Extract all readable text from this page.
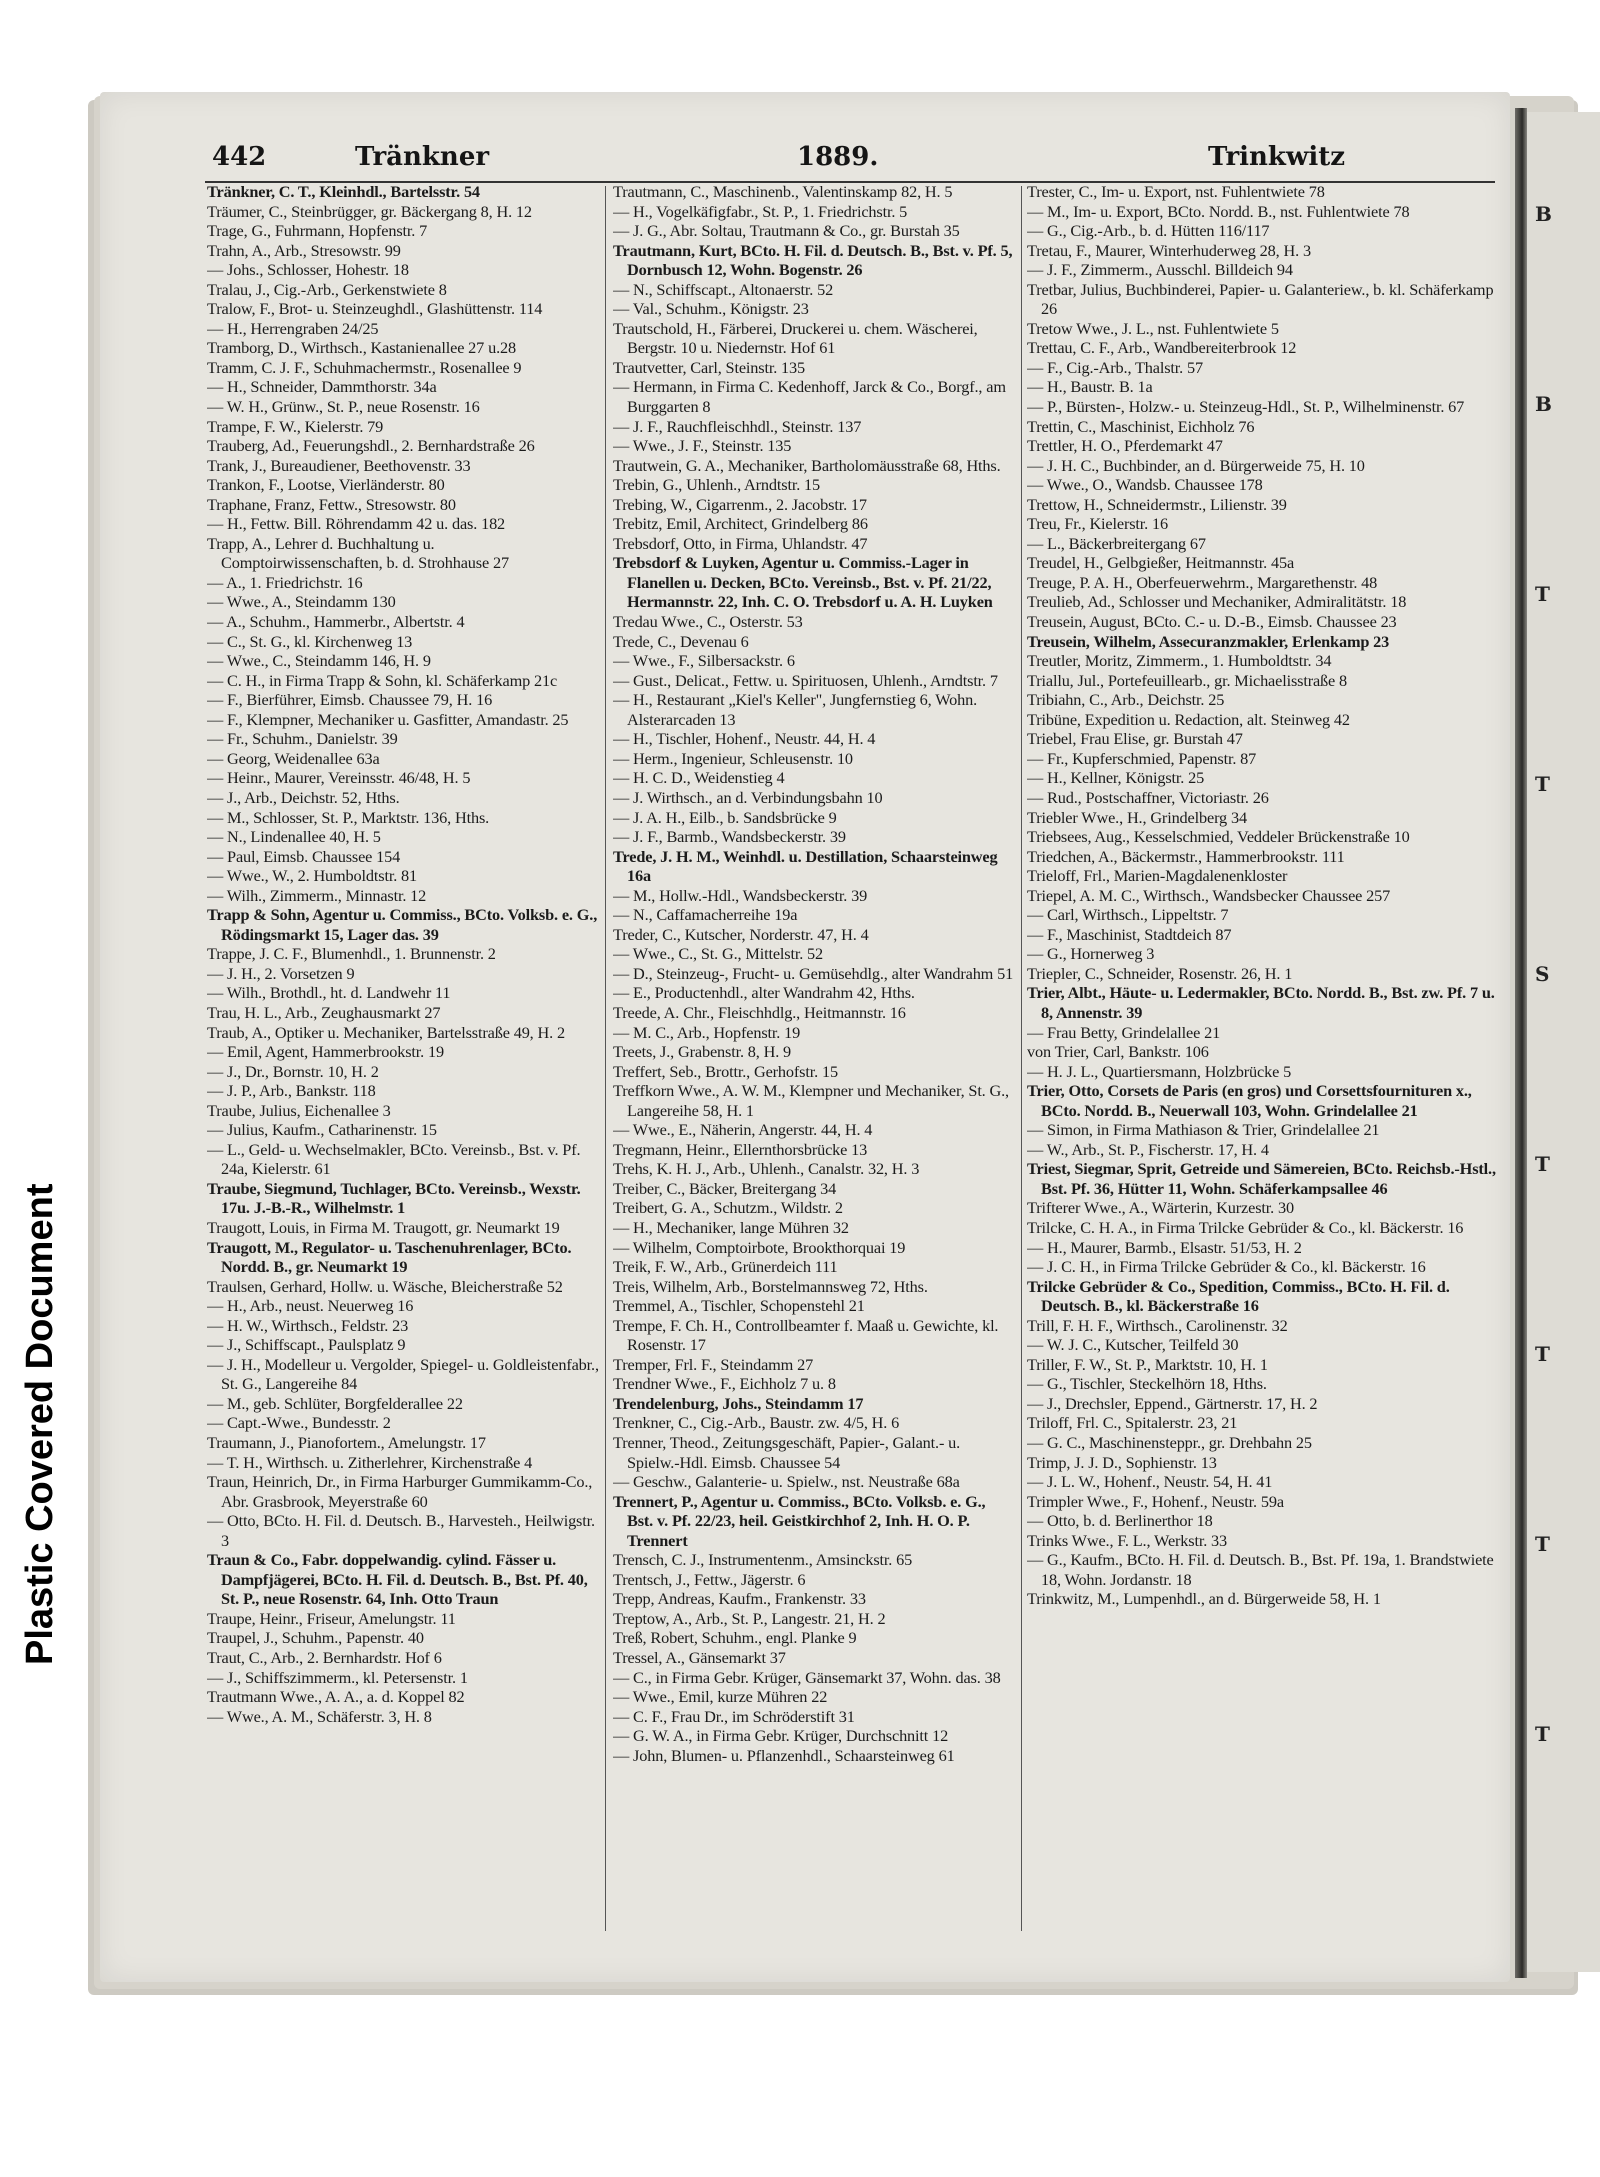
B
B
T
T
S
T
T
T
T
442	Tränkner	1889.	Trinkwitz

Tränkner, C. T., Kleinhdl., Bartelsstr. 54

Träumer, C., Steinbrügger, gr. Bäckergang 8, H. 12

Trage, G., Fuhrmann, Hopfenstr. 7

Trahn, A., Arb., Stresowstr. 99

— Johs., Schlosser, Hohestr. 18

Tralau, J., Cig.-Arb., Gerkenstwiete 8

Tralow, F., Brot- u. Steinzeughdl., Glashüttenstr. 114

— H., Herrengraben 24/25

Tramborg, D., Wirthsch., Kastanienallee 27 u.28

Tramm, C. J. F., Schuhmachermstr., Rosenallee 9

— H., Schneider, Dammthorstr. 34a

— W. H., Grünw., St. P., neue Rosenstr. 16

Trampe, F. W., Kielerstr. 79

Trauberg, Ad., Feuerungshdl., 2. Bernhardstraße 26

Trank, J., Bureaudiener, Beethovenstr. 33

Trankon, F., Lootse, Vierländerstr. 80

Traphane, Franz, Fettw., Stresowstr. 80

— H., Fettw. Bill. Röhrendamm 42 u. das. 182

Trapp, A., Lehrer d. Buchhaltung u. Comptoirwissenschaften, b. d. Strohhause 27

— A., 1. Friedrichstr. 16

— Wwe., A., Steindamm 130

— A., Schuhm., Hammerbr., Albertstr. 4

— C., St. G., kl. Kirchenweg 13

— Wwe., C., Steindamm 146, H. 9

— C. H., in Firma Trapp & Sohn, kl. Schäferkamp 21c

— F., Bierführer, Eimsb. Chaussee 79, H. 16

— F., Klempner, Mechaniker u. Gasfitter, Amandastr. 25

— Fr., Schuhm., Danielstr. 39

— Georg, Weidenallee 63a

— Heinr., Maurer, Vereinsstr. 46/48, H. 5

— J., Arb., Deichstr. 52, Hths.

— M., Schlosser, St. P., Marktstr. 136, Hths.

— N., Lindenallee 40, H. 5

— Paul, Eimsb. Chaussee 154

— Wwe., W., 2. Humboldtstr. 81

— Wilh., Zimmerm., Minnastr. 12

Trapp & Sohn, Agentur u. Commiss., BCto. Volksb. e. G., Rödingsmarkt 15, Lager das. 39

Trappe, J. C. F., Blumenhdl., 1. Brunnenstr. 2

— J. H., 2. Vorsetzen 9

— Wilh., Brothdl., ht. d. Landwehr 11

Trau, H. L., Arb., Zeughausmarkt 27

Traub, A., Optiker u. Mechaniker, Bartelsstraße 49, H. 2

— Emil, Agent, Hammerbrookstr. 19

— J., Dr., Bornstr. 10, H. 2

— J. P., Arb., Bankstr. 118

Traube, Julius, Eichenallee 3

— Julius, Kaufm., Catharinenstr. 15

— L., Geld- u. Wechselmakler, BCto. Vereinsb., Bst. v. Pf. 24a, Kielerstr. 61

Traube, Siegmund, Tuchlager, BCto. Vereinsb., Wexstr. 17u. J.-B.-R., Wilhelmstr. 1

Traugott, Louis, in Firma M. Traugott, gr. Neumarkt 19

Traugott, M., Regulator- u. Taschenuhrenlager, BCto. Nordd. B., gr. Neumarkt 19

Traulsen, Gerhard, Hollw. u. Wäsche, Bleicherstraße 52

— H., Arb., neust. Neuerweg 16

— H. W., Wirthsch., Feldstr. 23

— J., Schiffscapt., Paulsplatz 9

— J. H., Modelleur u. Vergolder, Spiegel- u. Goldleistenfabr., St. G., Langereihe 84

— M., geb. Schlüter, Borgfelderallee 22

— Capt.-Wwe., Bundesstr. 2

Traumann, J., Pianofortem., Amelungstr. 17

— T. H., Wirthsch. u. Zitherlehrer, Kirchenstraße 4

Traun, Heinrich, Dr., in Firma Harburger Gummikamm-Co., Abr. Grasbrook, Meyerstraße 60

— Otto, BCto. H. Fil. d. Deutsch. B., Harvesteh., Heilwigstr. 3

Traun & Co., Fabr. doppelwandig. cylind. Fässer u. Dampfjägerei, BCto. H. Fil. d. Deutsch. B., Bst. Pf. 40, St. P., neue Rosenstr. 64, Inh. Otto Traun

Traupe, Heinr., Friseur, Amelungstr. 11

Traupel, J., Schuhm., Papenstr. 40

Traut, C., Arb., 2. Bernhardstr. Hof 6

— J., Schiffszimmerm., kl. Petersenstr. 1

Trautmann Wwe., A. A., a. d. Koppel 82

— Wwe., A. M., Schäferstr. 3, H. 8

Trautmann, C., Maschinenb., Valentinskamp 82, H. 5

— H., Vogelkäfigfabr., St. P., 1. Friedrichstr. 5

— J. G., Abr. Soltau, Trautmann & Co., gr. Burstah 35

Trautmann, Kurt, BCto. H. Fil. d. Deutsch. B., Bst. v. Pf. 5, Dornbusch 12, Wohn. Bogenstr. 26

— N., Schiffscapt., Altonaerstr. 52

— Val., Schuhm., Königstr. 23

Trautschold, H., Färberei, Druckerei u. chem. Wäscherei, Bergstr. 10 u. Niedernstr. Hof 61

Trautvetter, Carl, Steinstr. 135

— Hermann, in Firma C. Kedenhoff, Jarck & Co., Borgf., am Burggarten 8

— J. F., Rauchfleischhdl., Steinstr. 137

— Wwe., J. F., Steinstr. 135

Trautwein, G. A., Mechaniker, Bartholomäusstraße 68, Hths.

Trebin, G., Uhlenh., Arndtstr. 15

Trebing, W., Cigarrenm., 2. Jacobstr. 17

Trebitz, Emil, Architect, Grindelberg 86

Trebsdorf, Otto, in Firma, Uhlandstr. 47

Trebsdorf & Luyken, Agentur u. Commiss.-Lager in Flanellen u. Decken, BCto. Vereinsb., Bst. v. Pf. 21/22, Hermannstr. 22, Inh. C. O. Trebsdorf u. A. H. Luyken

Tredau Wwe., C., Osterstr. 53

Trede, C., Devenau 6

— Wwe., F., Silbersackstr. 6

— Gust., Delicat., Fettw. u. Spirituosen, Uhlenh., Arndtstr. 7

— H., Restaurant „Kiel's Keller", Jungfernstieg 6, Wohn. Alsterarcaden 13

— H., Tischler, Hohenf., Neustr. 44, H. 4

— Herm., Ingenieur, Schleusenstr. 10

— H. C. D., Weidenstieg 4

— J. Wirthsch., an d. Verbindungsbahn 10

— J. A. H., Eilb., b. Sandsbrücke 9

— J. F., Barmb., Wandsbeckerstr. 39

Trede, J. H. M., Weinhdl. u. Destillation, Schaarsteinweg 16a

— M., Hollw.-Hdl., Wandsbeckerstr. 39

— N., Caffamacherreihe 19a

Treder, C., Kutscher, Norderstr. 47, H. 4

— Wwe., C., St. G., Mittelstr. 52

— D., Steinzeug-, Frucht- u. Gemüsehdlg., alter Wandrahm 51

— E., Productenhdl., alter Wandrahm 42, Hths.

Treede, A. Chr., Fleischhdlg., Heitmannstr. 16

— M. C., Arb., Hopfenstr. 19

Treets, J., Grabenstr. 8, H. 9

Treffert, Seb., Brottr., Gerhofstr. 15

Treffkorn Wwe., A. W. M., Klempner und Mechaniker, St. G., Langereihe 58, H. 1

— Wwe., E., Näherin, Angerstr. 44, H. 4

Tregmann, Heinr., Ellernthorsbrücke 13

Trehs, K. H. J., Arb., Uhlenh., Canalstr. 32, H. 3

Treiber, C., Bäcker, Breitergang 34

Treibert, G. A., Schutzm., Wildstr. 2

— H., Mechaniker, lange Mühren 32

— Wilhelm, Comptoirbote, Brookthorquai 19

Treik, F. W., Arb., Grünerdeich 111

Treis, Wilhelm, Arb., Borstelmannsweg 72, Hths.

Tremmel, A., Tischler, Schopenstehl 21

Trempe, F. Ch. H., Controllbeamter f. Maaß u. Gewichte, kl. Rosenstr. 17

Tremper, Frl. F., Steindamm 27

Trendner Wwe., F., Eichholz 7 u. 8

Trendelenburg, Johs., Steindamm 17

Trenkner, C., Cig.-Arb., Baustr. zw. 4/5, H. 6

Trenner, Theod., Zeitungsgeschäft, Papier-, Galant.- u. Spielw.-Hdl. Eimsb. Chaussee 54

— Geschw., Galanterie- u. Spielw., nst. Neustraße 68a

Trennert, P., Agentur u. Commiss., BCto. Volksb. e. G., Bst. v. Pf. 22/23, heil. Geistkirchhof 2, Inh. H. O. P. Trennert

Trensch, C. J., Instrumentenm., Amsinckstr. 65

Trentsch, J., Fettw., Jägerstr. 6

Trepp, Andreas, Kaufm., Frankenstr. 33

Treptow, A., Arb., St. P., Langestr. 21, H. 2

Treß, Robert, Schuhm., engl. Planke 9

Tressel, A., Gänsemarkt 37

— C., in Firma Gebr. Krüger, Gänsemarkt 37, Wohn. das. 38

— Wwe., Emil, kurze Mühren 22

— C. F., Frau Dr., im Schröderstift 31

— G. W. A., in Firma Gebr. Krüger, Durchschnitt 12

— John, Blumen- u. Pflanzenhdl., Schaarsteinweg 61

Trester, C., Im- u. Export, nst. Fuhlentwiete 78

— M., Im- u. Export, BCto. Nordd. B., nst. Fuhlentwiete 78

— G., Cig.-Arb., b. d. Hütten 116/117

Tretau, F., Maurer, Winterhuderweg 28, H. 3

— J. F., Zimmerm., Ausschl. Billdeich 94

Tretbar, Julius, Buchbinderei, Papier- u. Galanteriew., b. kl. Schäferkamp 26

Tretow Wwe., J. L., nst. Fuhlentwiete 5

Trettau, C. F., Arb., Wandbereiterbrook 12

— F., Cig.-Arb., Thalstr. 57

— H., Baustr. B. 1a

— P., Bürsten-, Holzw.- u. Steinzeug-Hdl., St. P., Wilhelminenstr. 67

Trettin, C., Maschinist, Eichholz 76

Trettler, H. O., Pferdemarkt 47

— J. H. C., Buchbinder, an d. Bürgerweide 75, H. 10

— Wwe., O., Wandsb. Chaussee 178

Trettow, H., Schneidermstr., Lilienstr. 39

Treu, Fr., Kielerstr. 16

— L., Bäckerbreitergang 67

Treudel, H., Gelbgießer, Heitmannstr. 45a

Treuge, P. A. H., Oberfeuerwehrm., Margarethenstr. 48

Treulieb, Ad., Schlosser und Mechaniker, Admiralitätstr. 18

Treusein, August, BCto. C.- u. D.-B., Eimsb. Chaussee 23

Treusein, Wilhelm, Assecuranzmakler, Erlenkamp 23

Treutler, Moritz, Zimmerm., 1. Humboldtstr. 34

Triallu, Jul., Portefeuillearb., gr. Michaelisstraße 8

Tribiahn, C., Arb., Deichstr. 25

Tribüne, Expedition u. Redaction, alt. Steinweg 42

Triebel, Frau Elise, gr. Burstah 47

— Fr., Kupferschmied, Papenstr. 87

— H., Kellner, Königstr. 25

— Rud., Postschaffner, Victoriastr. 26

Triebler Wwe., H., Grindelberg 34

Triebsees, Aug., Kesselschmied, Veddeler Brückenstraße 10

Triedchen, A., Bäckermstr., Hammerbrookstr. 111

Trieloff, Frl., Marien-Magdalenenkloster

Triepel, A. M. C., Wirthsch., Wandsbecker Chaussee 257

— Carl, Wirthsch., Lippeltstr. 7

— F., Maschinist, Stadtdeich 87

— G., Hornerweg 3

Triepler, C., Schneider, Rosenstr. 26, H. 1

Trier, Albt., Häute- u. Ledermakler, BCto. Nordd. B., Bst. zw. Pf. 7 u. 8, Annenstr. 39

— Frau Betty, Grindelallee 21

von Trier, Carl, Bankstr. 106

— H. J. L., Quartiersmann, Holzbrücke 5

Trier, Otto, Corsets de Paris (en gros) und Corsettsfournituren x., BCto. Nordd. B., Neuerwall 103, Wohn. Grindelallee 21

— Simon, in Firma Mathiason & Trier, Grindelallee 21

— W., Arb., St. P., Fischerstr. 17, H. 4

Triest, Siegmar, Sprit, Getreide und Sämereien, BCto. Reichsb.-Hstl., Bst. Pf. 36, Hütter 11, Wohn. Schäferkampsallee 46

Trifterer Wwe., A., Wärterin, Kurzestr. 30

Trilcke, C. H. A., in Firma Trilcke Gebrüder & Co., kl. Bäckerstr. 16

— H., Maurer, Barmb., Elsastr. 51/53, H. 2

— J. C. H., in Firma Trilcke Gebrüder & Co., kl. Bäckerstr. 16

Trilcke Gebrüder & Co., Spedition, Commiss., BCto. H. Fil. d. Deutsch. B., kl. Bäckerstraße 16

Trill, F. H. F., Wirthsch., Carolinenstr. 32

— W. J. C., Kutscher, Teilfeld 30

Triller, F. W., St. P., Marktstr. 10, H. 1

— G., Tischler, Steckelhörn 18, Hths.

— J., Drechsler, Eppend., Gärtnerstr. 17, H. 2

Triloff, Frl. C., Spitalerstr. 23, 21

— G. C., Maschinensteppr., gr. Drehbahn 25

Trimp, J. J. D., Sophienstr. 13

— J. L. W., Hohenf., Neustr. 54, H. 41

Trimpler Wwe., F., Hohenf., Neustr. 59a

— Otto, b. d. Berlinerthor 18

Trinks Wwe., F. L., Werkstr. 33

— G., Kaufm., BCto. H. Fil. d. Deutsch. B., Bst. Pf. 19a, 1. Brandstwiete 18, Wohn. Jordanstr. 18

Trinkwitz, M., Lumpenhdl., an d. Bürgerweide 58, H. 1

Plastic Covered Document
